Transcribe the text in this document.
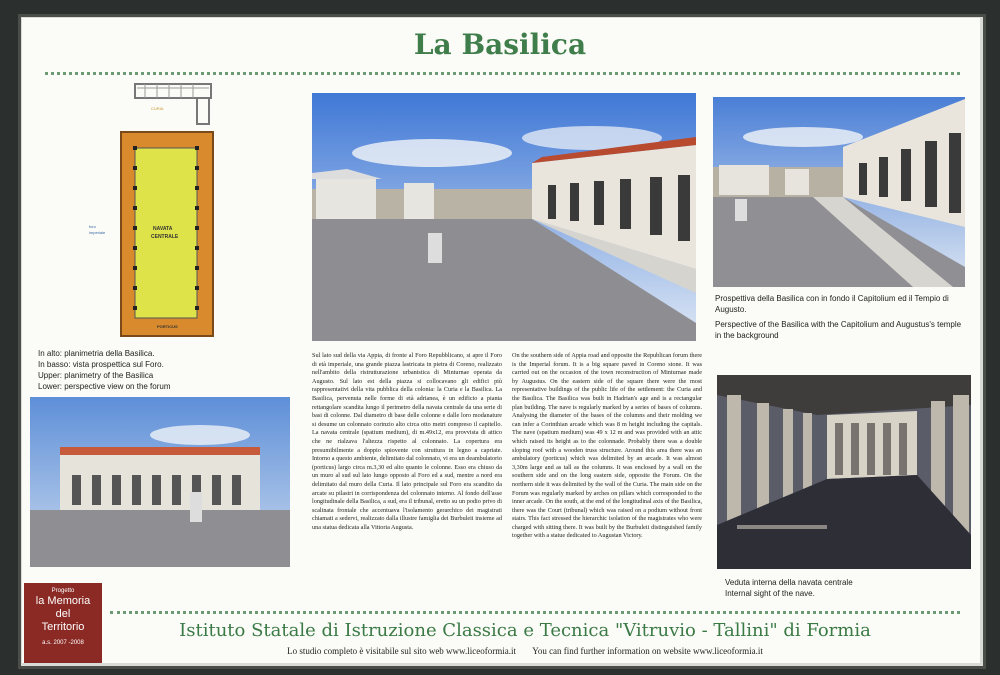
La Basilica
CURIA
NAVATA
CENTRALE
PORTICUS
foro
imperiale
In alto: planimetria della Basilica.
In basso: vista prospettica sul Foro.
Upper: planimetry of the Basilica
Lower: perspective view on the forum
Prospettiva della Basilica con in fondo il Capitolium ed il Tempio di Augusto.
Perspective of the Basilica with the Capitolium and Augustus's temple in the background
Veduta interna della navata centrale
Internal sight of the nave.
Sul lato sud della via Appia, di fronte al Foro Repubblicano, si apre il Foro di età imperiale, una grande piazza lastricata in pietra di Coreno, realizzato nell'ambito della ristrutturazione urbanistica di Minturnae operata da Augusto. Sul lato est della piazza si collocavano gli edifici più rappresentativi della vita pubblica della colonia: la Curia e la Basilica. La Basilica, pervenuta nelle forme di età adrianea, è un edificio a pianta rettangolare scandita lungo il perimetro della navata centrale da una serie di basi di colonne. Dal diametro di base delle colonne e dalle loro modanature si desume un colonnato corinzio alto circa otto metri compreso il capitello. La navata centrale (spatium medium), di m.49x12, era provvista di attico che ne rialzava l'altezza rispetto al colonnato. La copertura era presumibilmente a doppio spiovente con struttura in legno a capriate. Intorno a questo ambiente, delimitato dal colonnato, vi era un deambulatorio (porticus) largo circa m.3,30 ed alto quanto le colonne. Esso era chiuso da un muro al sud sul lato lungo opposto al Foro ed a sud, mentre a nord era delimitato dal muro della Curia. Il lato principale sul Foro era scandito da arcate su pilastri in corrispondenza del colonnato interno. Al fondo dell'asse longitudinale della Basilica, a sud, era il tribunal, eretto su un podio privo di scalinata frontale che accentuava l'isolamento gerarchico dei magistrati chiamati a sedervi, realizzato dalla illustre famiglia dei Burbuleii insieme ad una statua dedicata alla Vittoria Augusta.
On the southern side of Appia road and opposite the Republican forum there is the Imperial forum. It is a big square paved in Coreno stone. It was carried out on the occasion of the town reconstruction of Minturnae made by Augustus. On the eastern side of the square there were the most representative buildings of the public life of the settlement: the Curia and the Basilica. The Basilica was built in Hadrian's age and is a rectangular plan building. The nave is regularly marked by a series of bases of columns. Analysing the diameter of the bases of the columns and their molding we can infer a Corinthian arcade which was 8 m height including the capitals. The nave (spatium medium) was 49 x 12 m and was provided with an attic which raised its height as to the colonnade. Probably there was a double sloping roof with a wooden truss structure. Around this area there was an ambulatory (porticus) which was delimited by an arcade. It was almost 3,30m large and as tall as the columns. It was enclosed by a wall on the southern side and on the long eastern side, opposite the Forum. On the northern side it was delimited by the wall of the Curia. The main side on the Forum was regularly marked by arches on pillars which corresponded to the inner arcade. On the south, at the end of the longitudinal axis of the Basilica, there was the Court (tribunal) which was raised on a podium without front stairs. This fact stressed the hierarchic isolation of the magistrates who were charged with sitting there. It was built by the Burbuleii distinguished family together with a statue dedicated to Augustan Victory.
Progetto
la Memoria
del
Territorio
a.s. 2007 -2008
Istituto Statale di Istruzione Classica e Tecnica "Vitruvio - Tallini" di Formia
Lo studio completo è visitabile sul sito web www.liceoformia.it You can find further information on website www.liceoformia.it
